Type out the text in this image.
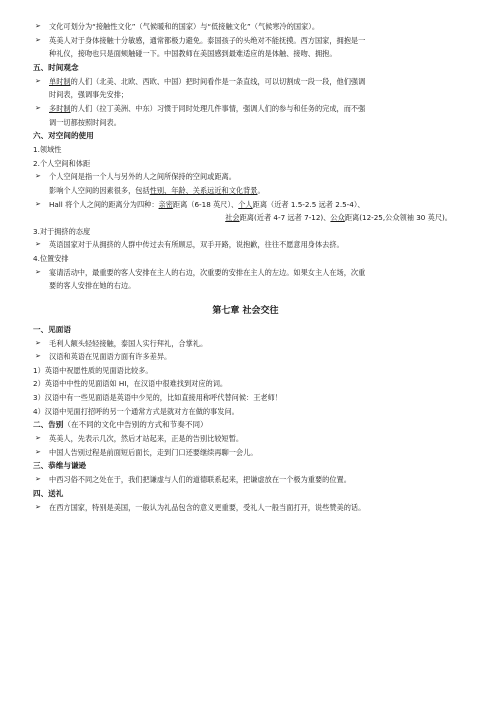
➢ 文化可划分为“接触性文化”（气候暖和的国家）与“低接触文化”（气候寒冷的国家）。
➢ 英美人对于身体接触十分敏感，通常都极力避免。泰国孩子的头绝对不能抚摸。西方国家，拥抱是一
种礼仪，接吻也只是面颊触碰一下。中国教师在美国感到最难适应的是体触、接吻、拥抱。
五、时间观念
➢ 单时制的人们（北美、北欧、西欧、中国）把时间看作是一条直线，可以切割成一段一段，他们强调
时间表，强调事先安排；
➢ 多时制的人们（拉丁美洲、中东）习惯于同时处理几件事情，强调人们的参与和任务的完成，而不强
调一切都按照时间表。
六、对空间的使用
1.领域性
2.个人空间和体距
➢ 个人空间是指一个人与另外的人之间所保持的空间或距离。
影响个人空间的因素很多，包括性别、年龄、关系远近和文化背景。
➢ Hall 将个人之间的距离分为四种：亲密距离（6-18 英尺）、个人距离（近者 1.5-2.5 远者 2.5-4）、
社会距离(近者 4-7 远者 7-12)、公众距离(12-25,公众领袖 30 英尺)。
3.对于拥挤的态度
➢ 英语国家对于从拥挤的人群中传过去有所顾忌，双手开路，说抱歉，往往不愿意用身体去挤。
4.位置安排
➢ 宴请活动中，最重要的客人安排在主人的右边，次重要的安排在主人的左边。如果女主人在场，次重
要的客人安排在她的右边。
第七章 社会交往
一、见面语
➢ 毛利人额头轻轻接触，泰国人实行拜礼，合掌礼。
➢ 汉语和英语在见面语方面有许多差异。
1）英语中祝愿性质的见面语比较多。
2）英语中中性的见面语如 HI，在汉语中很难找到对应的词。
3）汉语中有一些见面语是英语中少见的，比如直接用称呼代替问候：王老师！
4）汉语中见面打招呼的另一个通常方式是就对方在做的事发问。
二、告别（在不同的文化中告别的方式和节奏不同）
➢ 英美人，先表示几次，然后才站起来，正是的告别比较短暂。
➢ 中国人告别过程是前面短后面长，走到门口还要继续再聊一会儿。
三、恭维与谦逊
➢ 中西习俗不同之处在于，我们把谦虚与人们的道德联系起来，把谦虚放在一个极为重要的位置。
四、送礼
➢ 在西方国家，特别是美国，一般认为礼品包含的意义更重要，受礼人一般当面打开，说些赞美的话。
